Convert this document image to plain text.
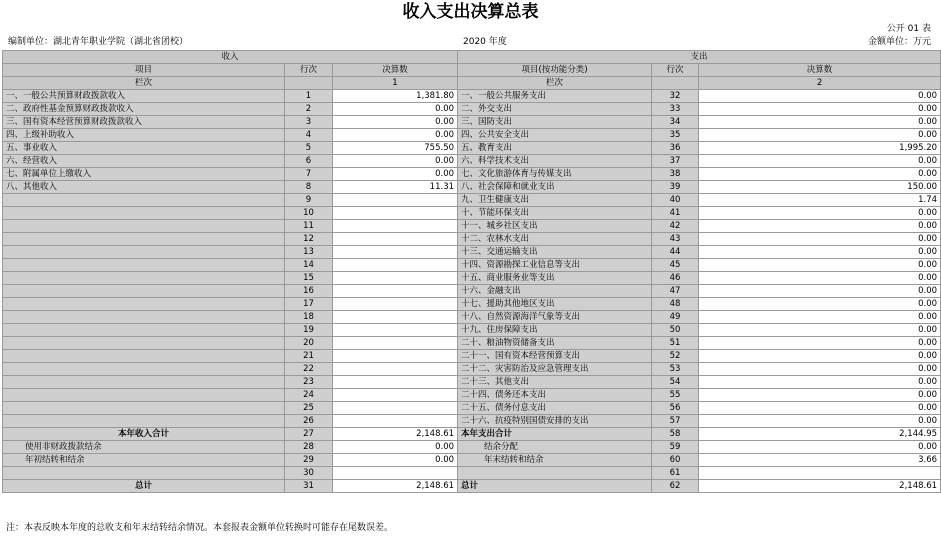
收入支出决算总表
公开 01 表
编制单位：湖北青年职业学院（湖北省团校）	2020 年度	金额单位：万元
收入			支出		
项目	行次	决算数	项目(按功能分类)	行次	决算数
栏次		1	栏次		2
一、一般公共预算财政拨款收入	1	1,381.80	一、一般公共服务支出	32	0.00
二、政府性基金预算财政拨款收入	2	0.00	二、外交支出	33	0.00
三、国有资本经营预算财政拨款收入	3	0.00	三、国防支出	34	0.00
四、上级补助收入	4	0.00	四、公共安全支出	35	0.00
五、事业收入	5	755.50	五、教育支出	36	1,995.20
六、经营收入	6	0.00	六、科学技术支出	37	0.00
七、附属单位上缴收入	7	0.00	七、文化旅游体育与传媒支出	38	0.00
八、其他收入	8	11.31	八、社会保障和就业支出	39	150.00
	9		九、卫生健康支出	40	1.74
	10		十、节能环保支出	41	0.00
	11		十一、城乡社区支出	42	0.00
	12		十二、农林水支出	43	0.00
	13		十三、交通运输支出	44	0.00
	14		十四、资源勘探工业信息等支出	45	0.00
	15		十五、商业服务业等支出	46	0.00
	16		十六、金融支出	47	0.00
	17		十七、援助其他地区支出	48	0.00
	18		十八、自然资源海洋气象等支出	49	0.00
	19		十九、住房保障支出	50	0.00
	20		二十、粮油物资储备支出	51	0.00
	21		二十一、国有资本经营预算支出	52	0.00
	22		二十二、灾害防治及应急管理支出	53	0.00
	23		二十三、其他支出	54	0.00
	24		二十四、债务还本支出	55	0.00
	25		二十五、债务付息支出	56	0.00
	26		二十六、抗疫特别国债安排的支出	57	0.00
本年收入合计	27	2,148.61	本年支出合计	58	2,144.95
使用非财政拨款结余	28	0.00	结余分配	59	0.00
年初结转和结余	29	0.00	年末结转和结余	60	3.66
	30			61	
总计	31	2,148.61	总计	62	2,148.61
注：本表反映本年度的总收支和年末结转结余情况。本套报表金额单位转换时可能存在尾数误差。
